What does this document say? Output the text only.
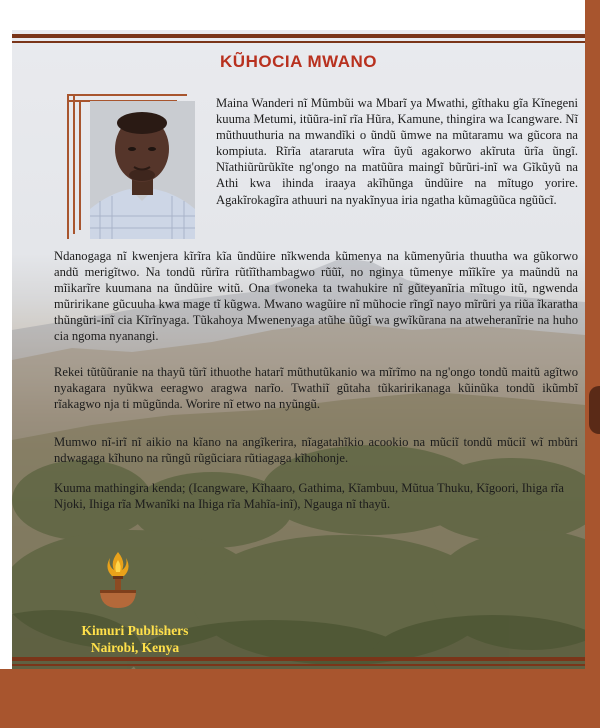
KŨHOCIA MWANO

Maina Wanderi nĩ Mũmbũi wa Mbarĩ ya Mwathi, gĩthaku gĩa Kĩnegeni kuuma Metumi, itũũra-inĩ rĩa Hũra, Kamune, thingira wa Icangware. Nĩ mũthuuthuria na mwandĩki o ũndũ ũmwe na mũtaramu wa gũcora na kompiuta. Rĩrĩa atararuta wĩra ũyũ agakorwo akĩruta ũrĩa ũngĩ. Nĩathiũrũrũkĩte ng'ongo na matũũra maingĩ bũrũri-inĩ wa Gĩkũyũ na Athi kwa ihinda iraaya akĩhũnga ũndũire na mĩtugo yorire. Agakĩrokagĩra athuuri na nyakĩnyua iria ngatha kũmagũũca ngũũcĩ.

Ndanogaga nĩ kwenjera kĩrĩra kĩa ũndũire nĩkwenda kũmenya na kũmenyũria thuutha wa gũkorwo andũ merigĩtwo. Na tondũ rũrĩra rũtĩĩthambagwo rũũĩ, no nginya tũmenye mĩĩkĩre ya maũndũ na mĩikarĩre kuumana na ũndũire witũ. Ona twoneka ta twahukire nĩ gũteyanĩria mĩtugo itũ, ngwenda mũririkane gũcuuha kwa mage tĩ kũgwa. Mwano wagũire nĩ mũhocie rĩngĩ nayo mĩrũri ya riũa ĩkaratha thũngũri-inĩ cia Kĩrĩnyaga. Tũkahoya Mwenenyaga atũhe ũũgĩ wa gwĩkũrana na atweheranĩrie na huho cia ngoma nyanangi.

Rekei tũtũũranie na thayũ tũrĩ ithuothe hatarĩ mũthutũkanio wa mĩrĩmo na ng'ongo tondũ maitũ agĩtwo nyakagara nyũkwa eeragwo aragwa narĩo. Twathiĩ gũtaha tũkaririkanaga kũinũka tondũ ikũmbĩ rĩakagwo nja ti mũgũnda. Worire nĩ etwo na nyũngũ.

Mumwo nĩ-irĩ nĩ aikio na kĩano na angĩkerira, nĩagatahĩkio acookio na mũciĩ tondũ mũciĩ wĩ mbũri ndwagaga kĩhuno na rũngũ rũgũciara rũtiagaga kĩhohonje.

Kuuma mathingira kenda; (Icangware, Kĩhaaro, Gathima, Kĩambuu, Mũtua Thuku, Kĩgoori, Ihiga rĩa Njoki, Ihiga rĩa Mwanĩki na Ihiga rĩa Mahĩa-inĩ), Ngauga nĩ thayũ.

Kimuri Publishers
Nairobi, Kenya
